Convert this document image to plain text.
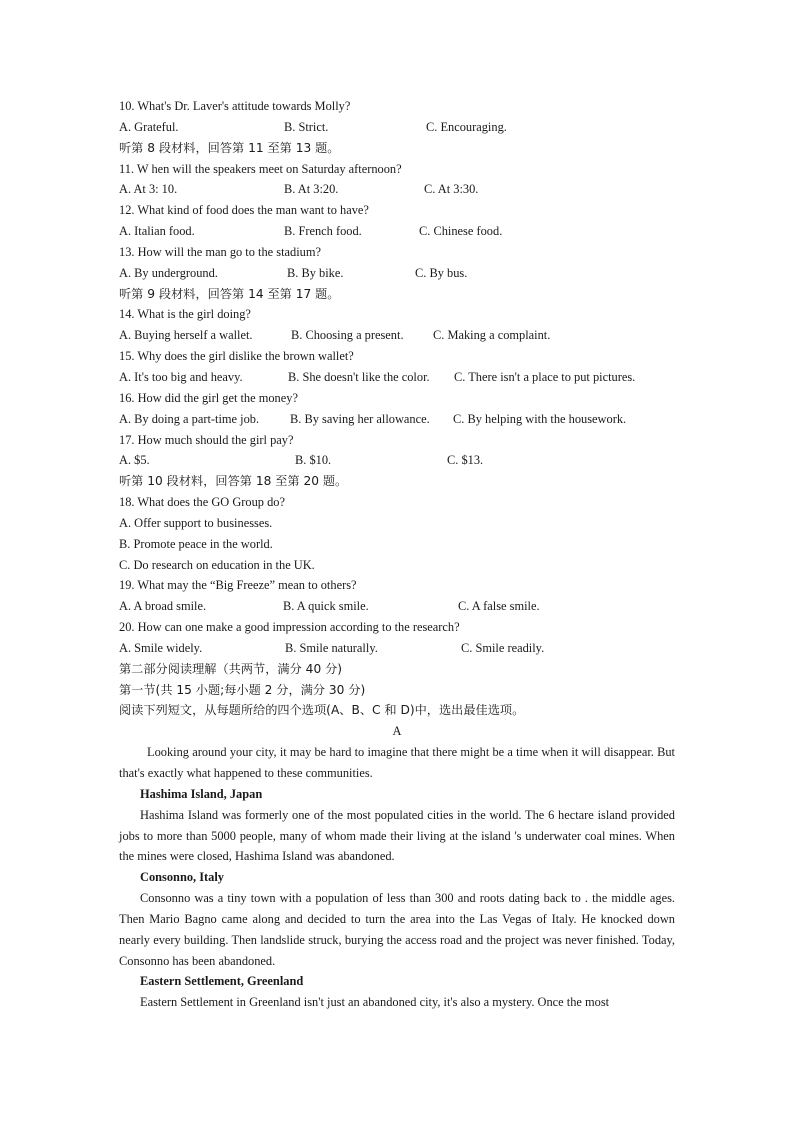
10. What's Dr. Laver's attitude towards Molly?
A. Grateful.	B. Strict.	C. Encouraging.
听第 8 段材料，回答第 11 至第 13 题。
11. W hen will the speakers meet on Saturday afternoon?
A. At 3: 10.	B. At 3:20.	C. At 3:30.
12. What kind of food does the man want to have?
A. Italian food.	B. French food.	C. Chinese food.
13. How will the man go to the stadium?
A. By underground.	B. By bike.	C. By bus.
听第 9 段材料，回答第 14 至第 17 题。
14. What is the girl doing?
A. Buying herself a wallet.	B. Choosing a present. C. Making a complaint.
15. Why does the girl dislike the brown wallet?
A. It's too big and heavy.	B. She doesn't like the color. C. There isn't a place to put pictures.
16. How did the girl get the money?
A. By doing a part-time job. B. By saving her allowance. C. By helping with the housework.
17. How much should the girl pay?
A. $5.	B. $10.	C. $13.
听第 10 段材料，回答第 18 至第 20 题。
18. What does the GO Group do?
A. Offer support to businesses.
B. Promote peace in the world.
C. Do research on education in the UK.
19. What may the “Big Freeze” mean to others?
A. A broad smile.	B. A quick smile.	C. A false smile.
20. How can one make a good impression according to the research?
A. Smile widely.	B. Smile naturally.	C. Smile readily.
第二部分阅读理解（共两节，满分 40 分)
第一节(共 15 小题;每小题 2 分，满分 30 分)
阅读下列短文，从每题所给的四个选项(A、B、C 和 D)中，选出最佳选项。
A
Looking around your city, it may be hard to imagine that there might be a time when it will disappear. But that's exactly what happened to these communities.
Hashima Island, Japan
Hashima Island was formerly one of the most populated cities in the world. The 6 hectare island provided jobs to more than 5000 people, many of whom made their living at the island 's underwater coal mines. When the mines were closed, Hashima Island was abandoned.
Consonno, Italy
Consonno was a tiny town with a population of less than 300 and roots dating back to . the middle ages. Then Mario Bagno came along and decided to turn the area into the Las Vegas of Italy. He knocked down nearly every building. Then landslide struck, burying the access road and the project was never finished. Today, Consonno has been abandoned.
Eastern Settlement, Greenland
Eastern Settlement in Greenland isn't just an abandoned city, it's also a mystery. Once the most
